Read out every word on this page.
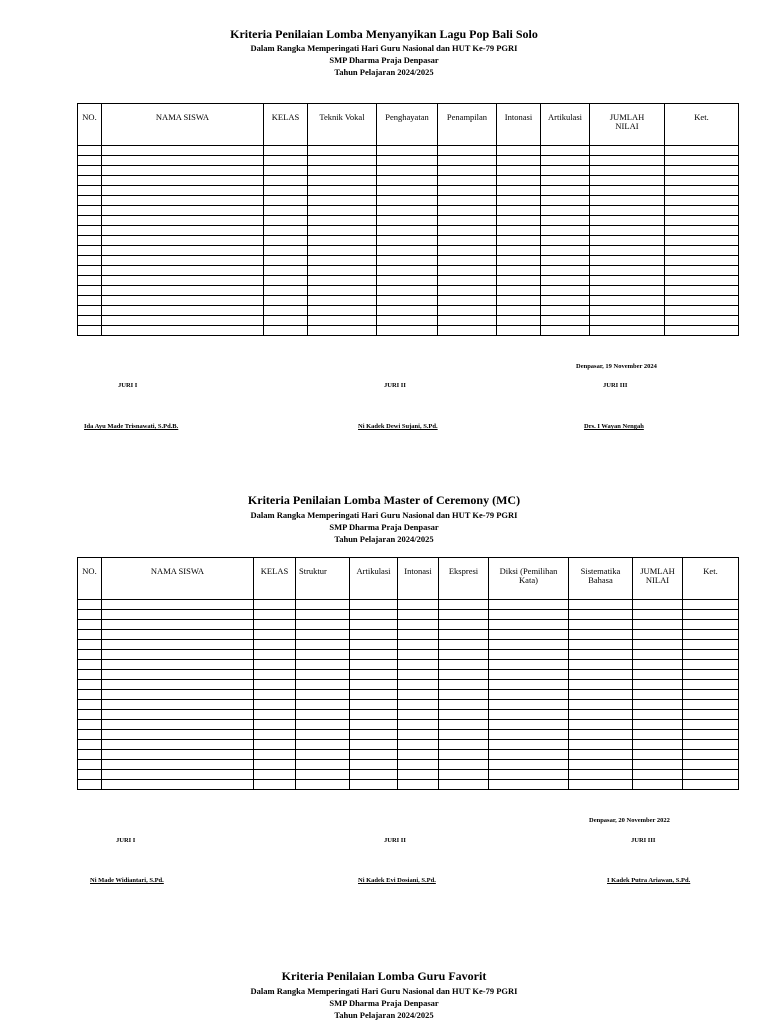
Kriteria Penilaian Lomba Menyanyikan Lagu Pop Bali Solo
Dalam Rangka Memperingati Hari Guru Nasional dan HUT Ke-79 PGRI
SMP Dharma Praja Denpasar
Tahun Pelajaran 2024/2025
NO.	NAMA SISWA	KELAS	Teknik Vokal	Penghayatan	Penampilan	Intonasi	Artikulasi	JUMLAH NILAI	Ket.

Denpasar, 19 November 2024
JURI I	JURI II	JURI III
Ida Ayu Made Trisnawati, S.Pd.B.	Ni Kadek Dewi Sujani, S.Pd.	Drs. I Wayan Nengah
Kriteria Penilaian Lomba Master of Ceremony (MC)
Dalam Rangka Memperingati Hari Guru Nasional dan HUT Ke-79 PGRI
SMP Dharma Praja Denpasar
Tahun Pelajaran 2024/2025
NO.	NAMA SISWA	KELAS	Struktur	Artikulasi	Intonasi	Ekspresi	Diksi (Pemilihan Kata)	Sistematika Bahasa	JUMLAH NILAI	Ket.

Denpasar, 20 November 2022
JURI I	JURI II	JURI III
Ni Made Widiantari, S.Pd.	Ni Kadek Evi Dosiani, S.Pd.	I Kadek Putra Ariawan, S.Pd.
Kriteria Penilaian Lomba Guru Favorit
Dalam Rangka Memperingati Hari Guru Nasional dan HUT Ke-79 PGRI
SMP Dharma Praja Denpasar
Tahun Pelajaran 2024/2025
